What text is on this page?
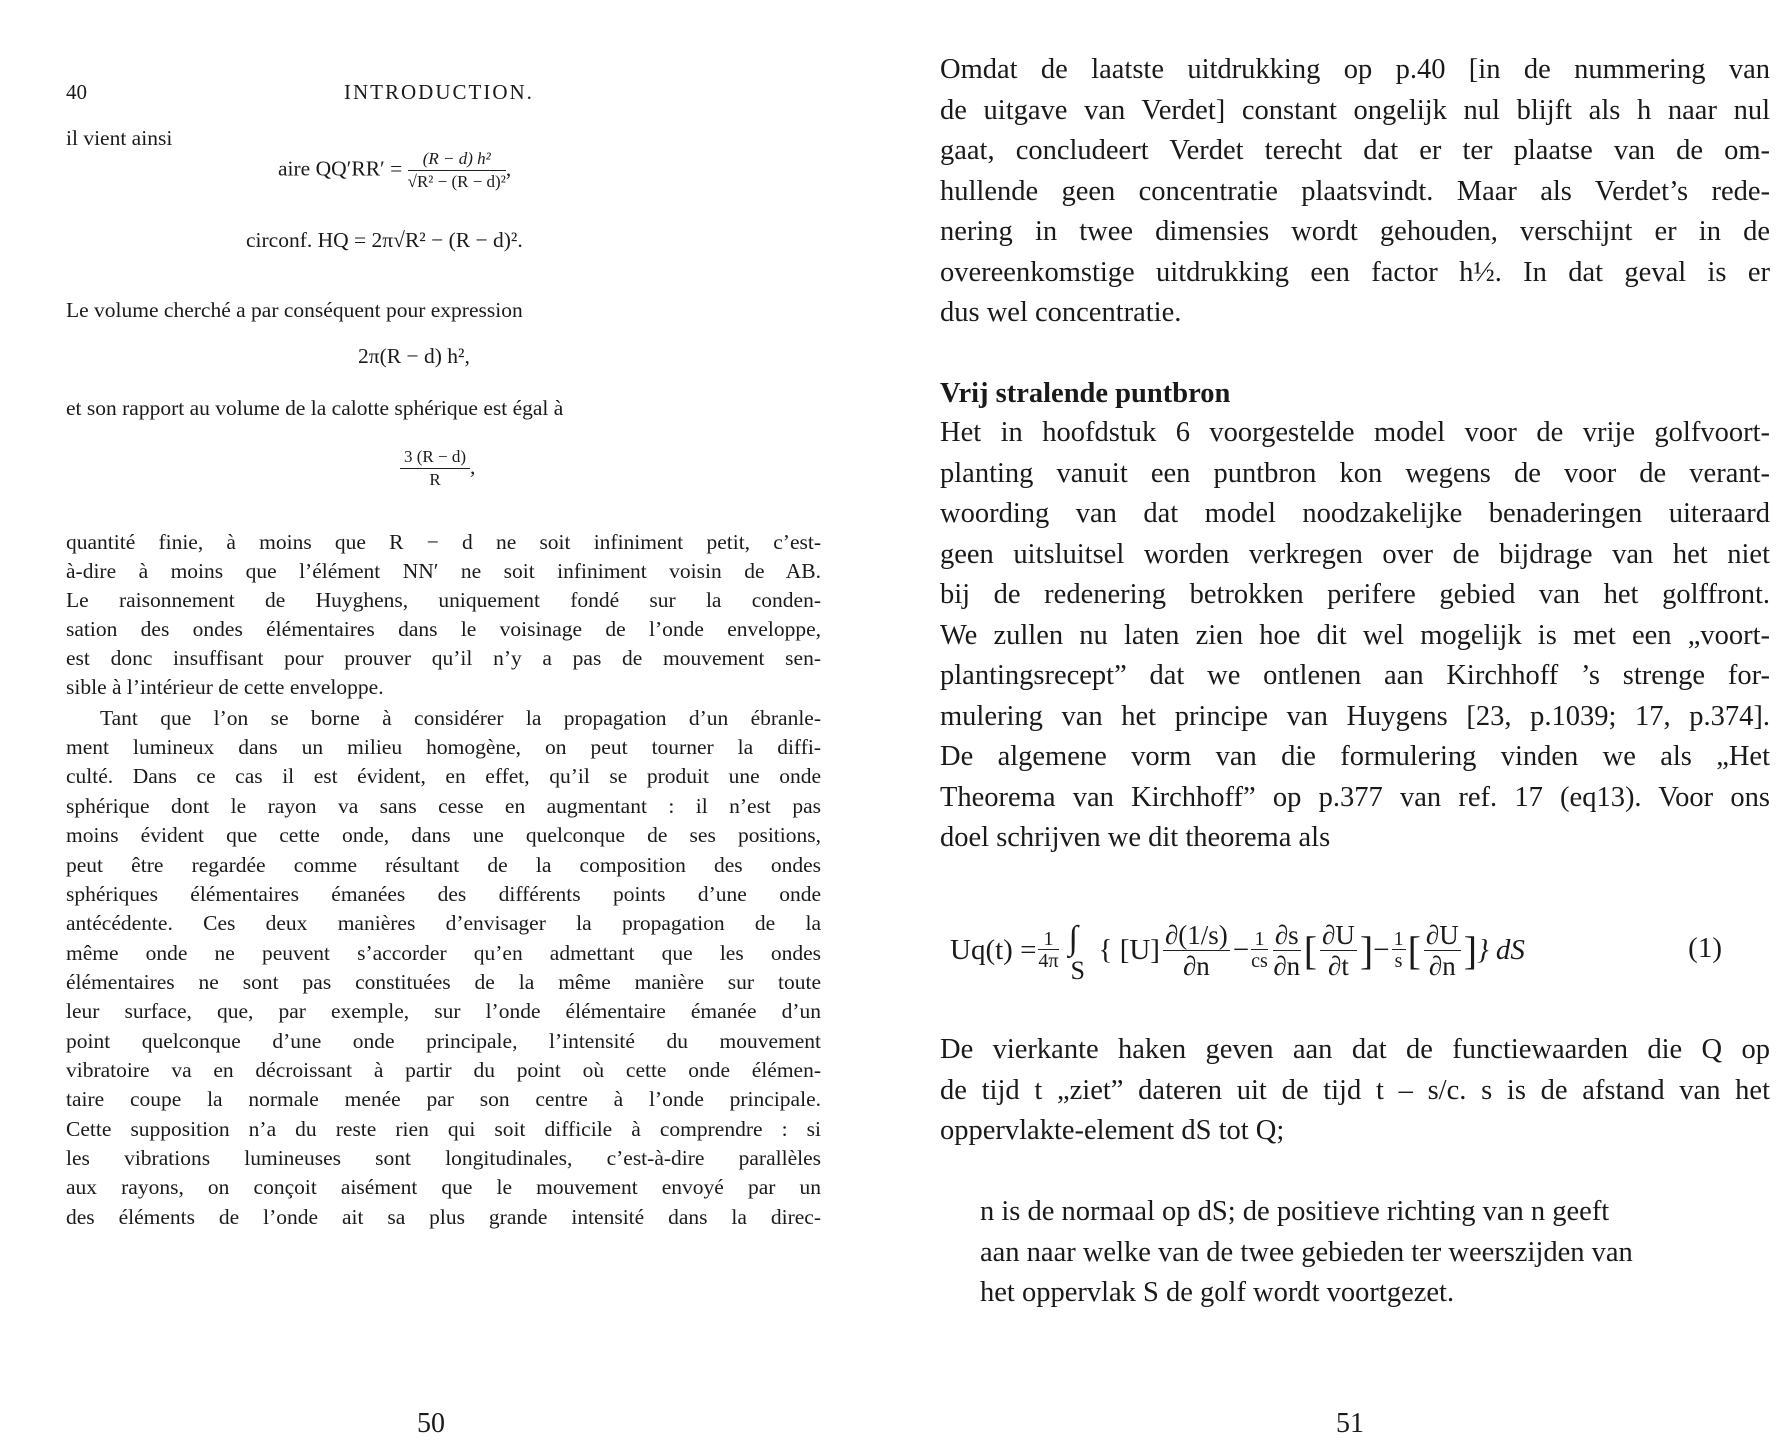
40	INTRODUCTION.
il vient ainsi
aire $QQ'RR' = \frac{\text{(R − d) h²}}{\text{√R² − (R − d)²}}$ ,
circonf. HQ = 2π√R² − (R − d)².
Le volume cherché a par conséquent pour expression
2π(R − d) h²,
et son rapport au volume de la calotte sphérique est égal à
$\frac{3 (R - d)}{R}$ ,
quantité finie, à moins que R − d ne soit infiniment petit, c’est-
à-dire à moins que l’élément NN′ ne soit infiniment voisin de AB.
Le raisonnement de Huyghens, uniquement fondé sur la conden-
sation des ondes élémentaires dans le voisinage de l’onde enveloppe,
est donc insuffisant pour prouver qu’il n’y a pas de mouvement sen-
sible à l’intérieur de cette enveloppe.
Tant que l’on se borne à considérer la propagation d’un ébranle-
ment lumineux dans un milieu homogène, on peut tourner la diffi-
culté. Dans ce cas il est évident, en effet, qu’il se produit une onde
sphérique dont le rayon va sans cesse en augmentant : il n’est pas
moins évident que cette onde, dans une quelconque de ses positions,
peut être regardée comme résultant de la composition des ondes
sphériques élémentaires émanées des différents points d’une onde
antécédente. Ces deux manières d’envisager la propagation de la
même onde ne peuvent s’accorder qu’en admettant que les ondes
élémentaires ne sont pas constituées de la même manière sur toute
leur surface, que, par exemple, sur l’onde élémentaire émanée d’un
point quelconque d’une onde principale, l’intensité du mouvement
vibratoire va en décroissant à partir du point où cette onde élémen-
taire coupe la normale menée par son centre à l’onde principale.
Cette supposition n’a du reste rien qui soit difficile à comprendre : si
les vibrations lumineuses sont longitudinales, c’est-à-dire parallèles
aux rayons, on conçoit aisément que le mouvement envoyé par un
des éléments de l’onde ait sa plus grande intensité dans la direc-
50
Omdat de laatste uitdrukking op p.40 [in de nummering van
de uitgave van Verdet] constant ongelijk nul blijft als h naar nul
gaat, concludeert Verdet terecht dat er ter plaatse van de om-
hullende geen concentratie plaatsvindt. Maar als Verdet’s rede-
nering in twee dimensies wordt gehouden, verschijnt er in de
overeenkomstige uitdrukking een factor h½. In dat geval is er
dus wel concentratie.
Vrij stralende puntbron
Het in hoofdstuk 6 voorgestelde model voor de vrije golfvoort-
planting vanuit een puntbron kon wegens de voor de verant-
woording van dat model noodzakelijke benaderingen uiteraard
geen uitsluitsel worden verkregen over de bijdrage van het niet
bij de redenering betrokken perifere gebied van het golffront.
We zullen nu laten zien hoe dit wel mogelijk is met een „voort-
plantingsrecept” dat we ontlenen aan Kirchhoff ’s strenge for-
mulering van het principe van Huygens [23, p.1039; 17, p.374].
De algemene vorm van die formulering vinden we als „Het
Theorema van Kirchhoff” op p.377 van ref. 17 (eq13). Voor ons
doel schrijven we dit theorema als
$Uq(t) = \frac{1}{4\pi}$ ∫
S
{ $[U] \frac{\partial(1/s)}{\partial n} - \frac{1}{cs} \frac{\partial s}{\partial n}$ [ $\frac{\partial U}{\partial t}$ ] − $\frac{1}{s}$ [ $\frac{\partial U}{\partial n}$ ] } dS	(1)
De vierkante haken geven aan dat de functiewaarden die Q op
de tijd t „ziet” dateren uit de tijd t – s/c. s is de afstand van het
oppervlakte-element dS tot Q;
n is de normaal op dS; de positieve richting van n geeft
aan naar welke van de twee gebieden ter weerszijden van
het oppervlak S de golf wordt voortgezet.
51
